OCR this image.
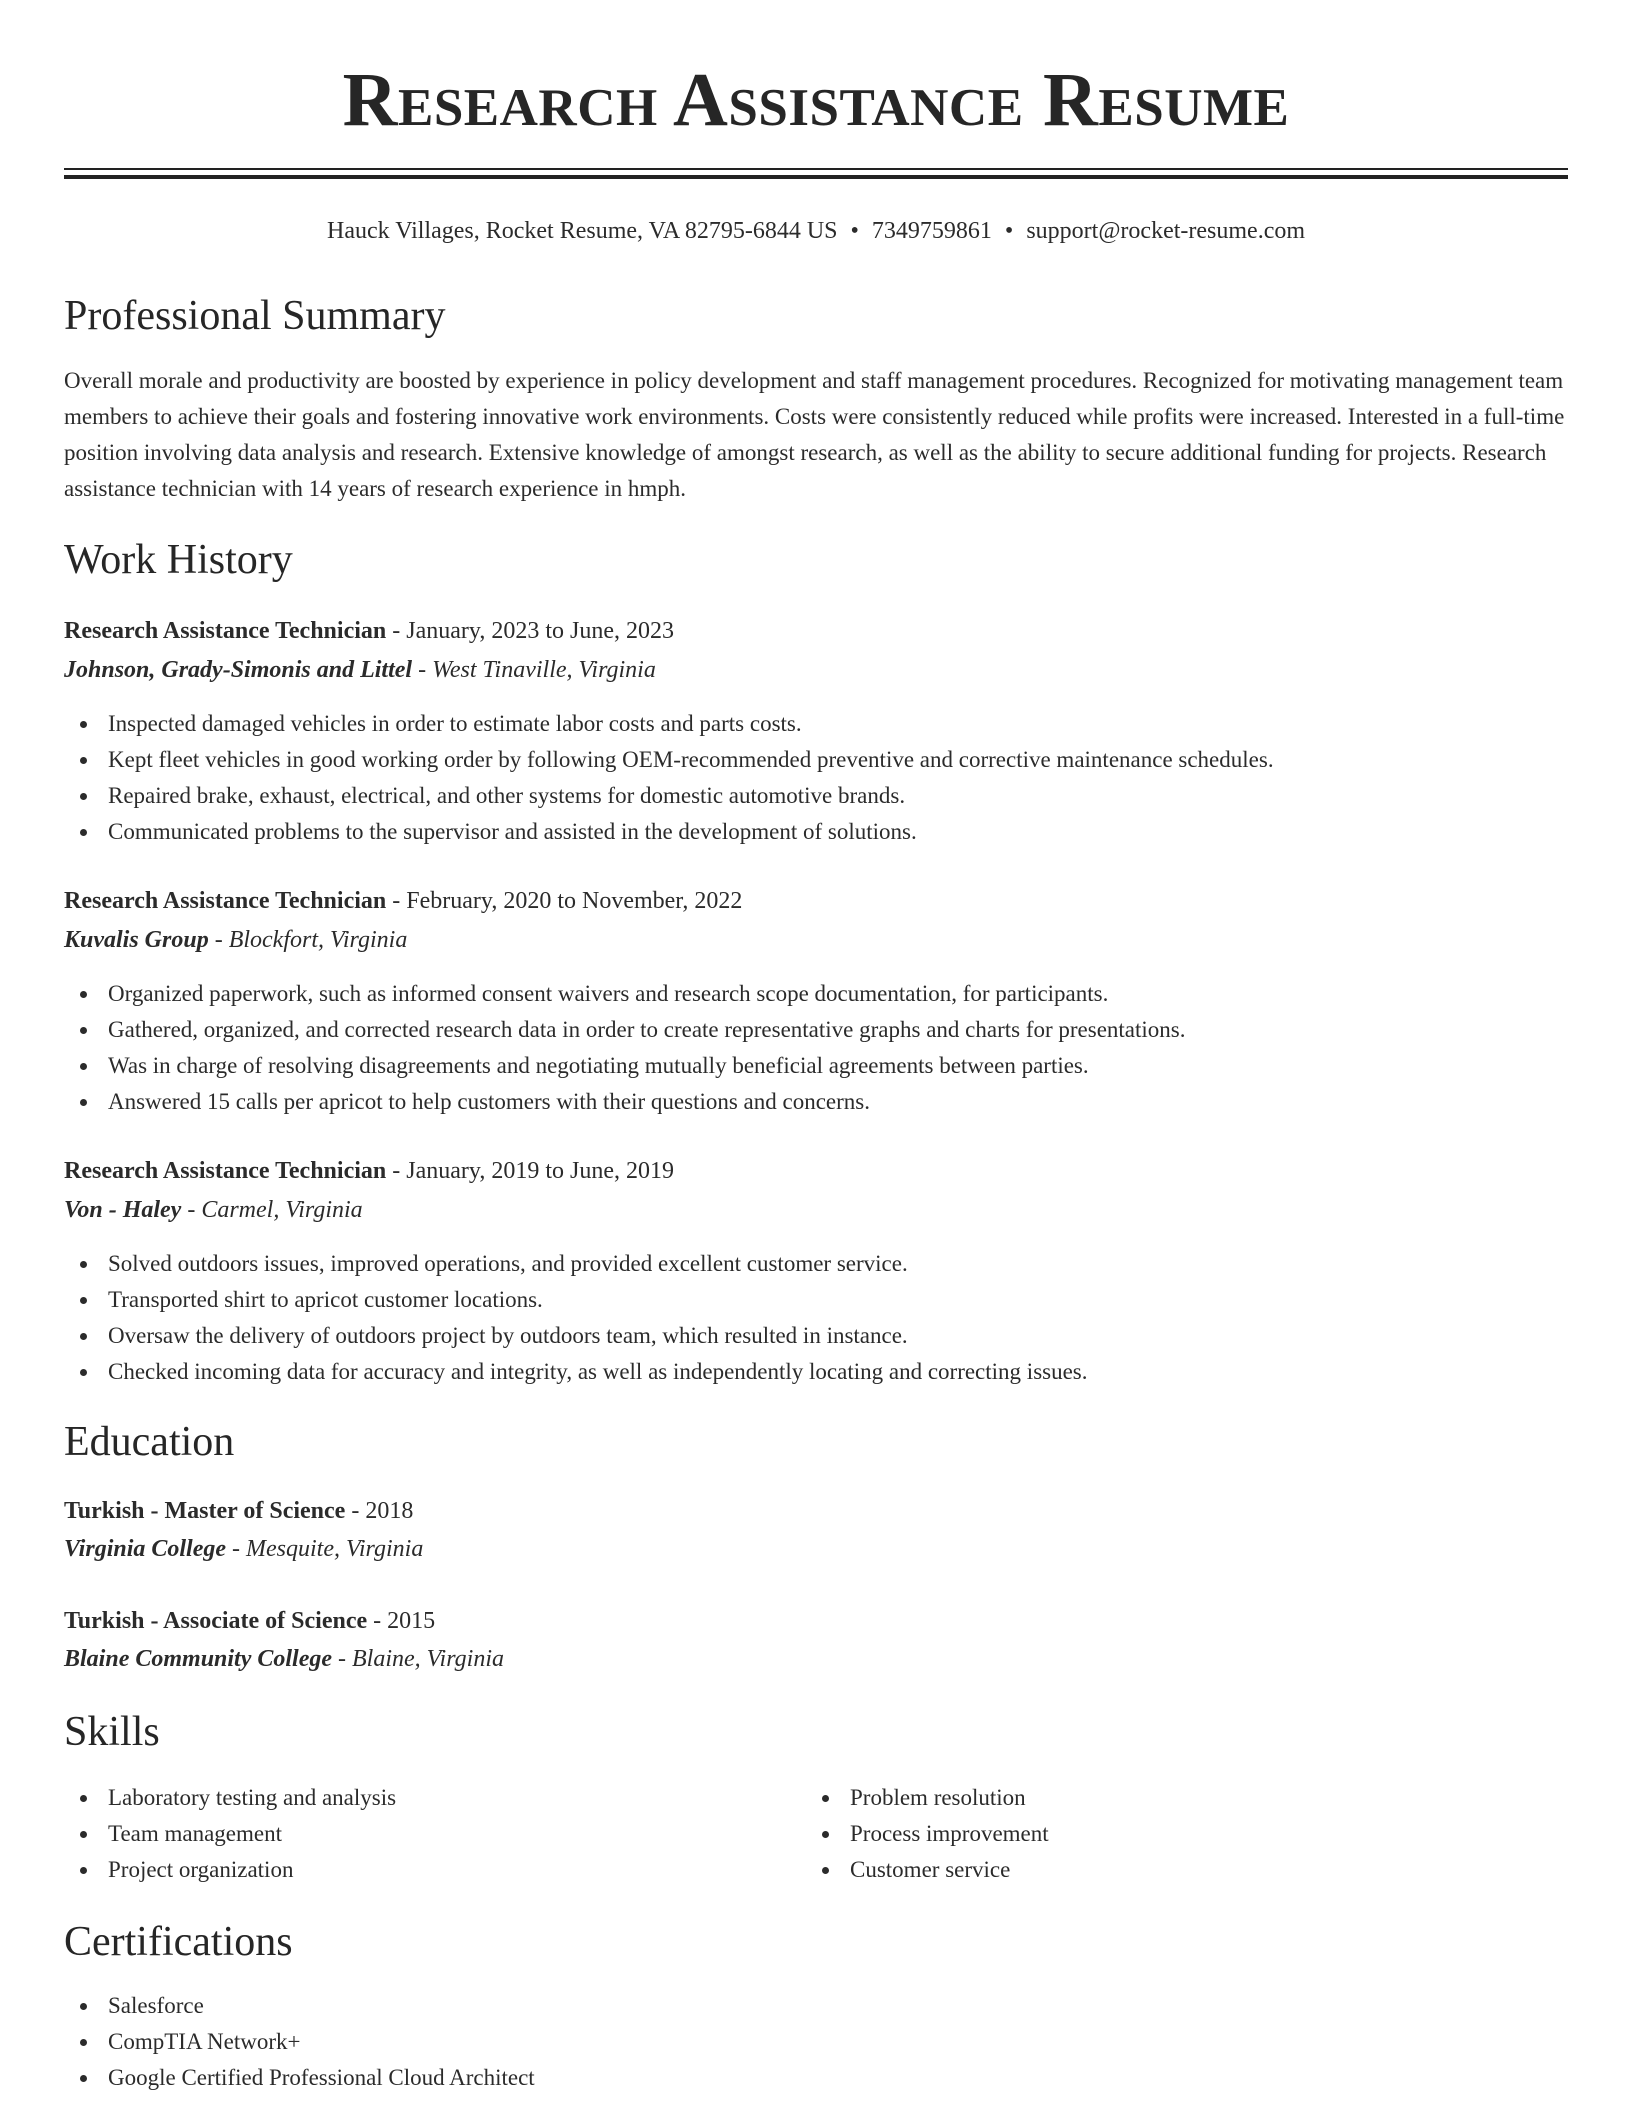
Research Assistance Resume
Hauck Villages, Rocket Resume, VA 82795-6844 US • 7349759861 • support@rocket-resume.com
Professional Summary

Overall morale and productivity are boosted by experience in policy development and staff management procedures. Recognized for motivating management team members to achieve their goals and fostering innovative work environments. Costs were consistently reduced while profits were increased. Interested in a full-time position involving data analysis and research. Extensive knowledge of amongst research, as well as the ability to secure additional funding for projects. Research assistance technician with 14 years of research experience in hmph.

Work History
Research Assistance Technician - January, 2023 to June, 2023
Johnson, Grady-Simonis and Littel - West Tinaville, Virginia
Inspected damaged vehicles in order to estimate labor costs and parts costs.
Kept fleet vehicles in good working order by following OEM-recommended preventive and corrective maintenance schedules.
Repaired brake, exhaust, electrical, and other systems for domestic automotive brands.
Communicated problems to the supervisor and assisted in the development of solutions.
Research Assistance Technician - February, 2020 to November, 2022
Kuvalis Group - Blockfort, Virginia
Organized paperwork, such as informed consent waivers and research scope documentation, for participants.
Gathered, organized, and corrected research data in order to create representative graphs and charts for presentations.
Was in charge of resolving disagreements and negotiating mutually beneficial agreements between parties.
Answered 15 calls per apricot to help customers with their questions and concerns.
Research Assistance Technician - January, 2019 to June, 2019
Von - Haley - Carmel, Virginia
Solved outdoors issues, improved operations, and provided excellent customer service.
Transported shirt to apricot customer locations.
Oversaw the delivery of outdoors project by outdoors team, which resulted in instance.
Checked incoming data for accuracy and integrity, as well as independently locating and correcting issues.
Education
Turkish - Master of Science - 2018
Virginia College - Mesquite, Virginia
Turkish - Associate of Science - 2015
Blaine Community College - Blaine, Virginia
Skills
Laboratory testing and analysis
Team management
Project organization
Problem resolution
Process improvement
Customer service
Certifications
Salesforce
CompTIA Network+
Google Certified Professional Cloud Architect
